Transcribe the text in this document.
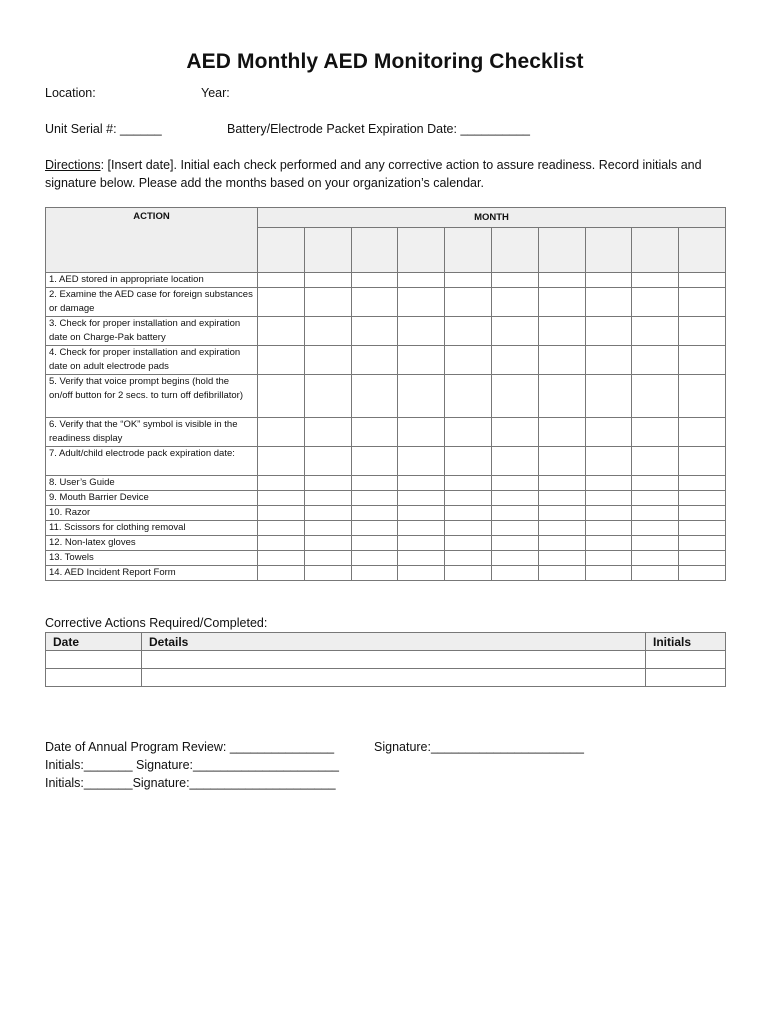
AED Monthly AED Monitoring Checklist
Location:	Year:
Unit Serial #: ______	Battery/Electrode Packet Expiration Date: __________
Directions: [Insert date]. Initial each check performed and any corrective action to assure readiness. Record initials and signature below. Please add the months based on your organization’s calendar.
ACTION	MONTH									

1. AED stored in appropriate location										
2. Examine the AED case for foreign substances or damage										
3. Check for proper installation and expiration date on Charge-Pak battery										
4. Check for proper installation and expiration date on adult electrode pads										
5. Verify that voice prompt begins (hold the on/off button for 2 secs. to turn off defibrillator)										
6. Verify that the “OK” symbol is visible in the readiness display										
7. Adult/child electrode pack expiration date:										
8. User’s Guide										
9. Mouth Barrier Device										
10. Razor										
11. Scissors for clothing removal										
12. Non-latex gloves										
13. Towels										
14. AED Incident Report Form										
Corrective Actions Required/Completed:
Date	Details	Initials

Date of Annual Program Review: _______________	Signature:______________________
Initials:_______ Signature:_____________________
Initials:_______Signature:_____________________
